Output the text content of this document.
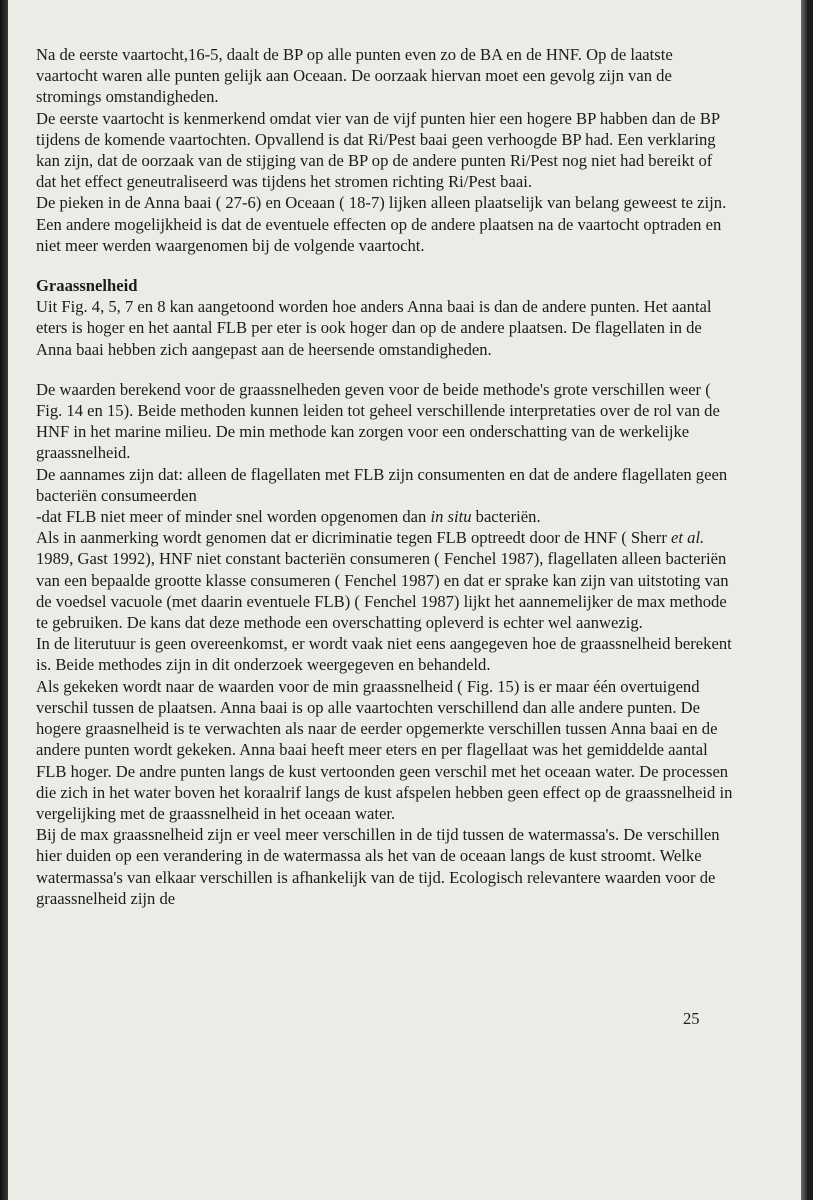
Na de eerste vaartocht,16-5, daalt de BP op alle punten even zo de BA en de HNF. Op de laatste vaartocht waren alle punten gelijk aan Oceaan. De oorzaak hiervan moet een gevolg zijn van de stromings omstandigheden.

De eerste vaartocht is kenmerkend omdat vier van de vijf punten hier een hogere BP habben dan de BP tijdens de komende vaartochten. Opvallend is dat Ri/Pest baai geen verhoogde BP had. Een verklaring kan zijn, dat de oorzaak van de stijging van de BP op de andere punten Ri/Pest nog niet had bereikt of dat het effect geneutraliseerd was tijdens het stromen richting Ri/Pest baai.

De pieken in de Anna baai ( 27-6) en Oceaan ( 18-7) lijken alleen plaatselijk van belang geweest te zijn. Een andere mogelijkheid is dat de eventuele effecten op de andere plaatsen na de vaartocht optraden en niet meer werden waargenomen bij de volgende vaartocht.

Graassnelheid

Uit Fig. 4, 5, 7 en 8 kan aangetoond worden hoe anders Anna baai is dan de andere punten. Het aantal eters is hoger en het aantal FLB per eter is ook hoger dan op de andere plaatsen. De flagellaten in de Anna baai hebben zich aangepast aan de heersende omstandigheden.

De waarden berekend voor de graassnelheden geven voor de beide methode's grote verschillen weer ( Fig. 14 en 15). Beide methoden kunnen leiden tot geheel verschillende interpretaties over de rol van de HNF in het marine milieu. De min methode kan zorgen voor een onderschatting van de werkelijke graassnelheid.

De aannames zijn dat: alleen de flagellaten met FLB zijn consumenten en dat de andere flagellaten geen bacteriën consumeerden

-dat FLB niet meer of minder snel worden opgenomen dan in situ bacteriën.

Als in aanmerking wordt genomen dat er dicriminatie tegen FLB optreedt door de HNF ( Sherr et al. 1989, Gast 1992), HNF niet constant bacteriën consumeren ( Fenchel 1987), flagellaten alleen bacteriën van een bepaalde grootte klasse consumeren ( Fenchel 1987) en dat er sprake kan zijn van uitstoting van de voedsel vacuole (met daarin eventuele FLB) ( Fenchel 1987) lijkt het aannemelijker de max methode te gebruiken. De kans dat deze methode een overschatting opleverd is echter wel aanwezig.

In de literutuur is geen overeenkomst, er wordt vaak niet eens aangegeven hoe de graassnelheid berekent is. Beide methodes zijn in dit onderzoek weergegeven en behandeld.

Als gekeken wordt naar de waarden voor de min graassnelheid ( Fig. 15) is er maar één overtuigend verschil tussen de plaatsen. Anna baai is op alle vaartochten verschillend dan alle andere punten. De hogere graasnelheid is te verwachten als naar de eerder opgemerkte verschillen tussen Anna baai en de andere punten wordt gekeken. Anna baai heeft meer eters en per flagellaat was het gemiddelde aantal FLB hoger. De andre punten langs de kust vertoonden geen verschil met het oceaan water. De processen die zich in het water boven het koraalrif langs de kust afspelen hebben geen effect op de graassnelheid in vergelijking met de graassnelheid in het oceaan water.

Bij de max graassnelheid zijn er veel meer verschillen in de tijd tussen de watermassa's. De verschillen hier duiden op een verandering in de watermassa als het van de oceaan langs de kust stroomt. Welke watermassa's van elkaar verschillen is afhankelijk van de tijd. Ecologisch relevantere waarden voor de graassnelheid zijn de

25
